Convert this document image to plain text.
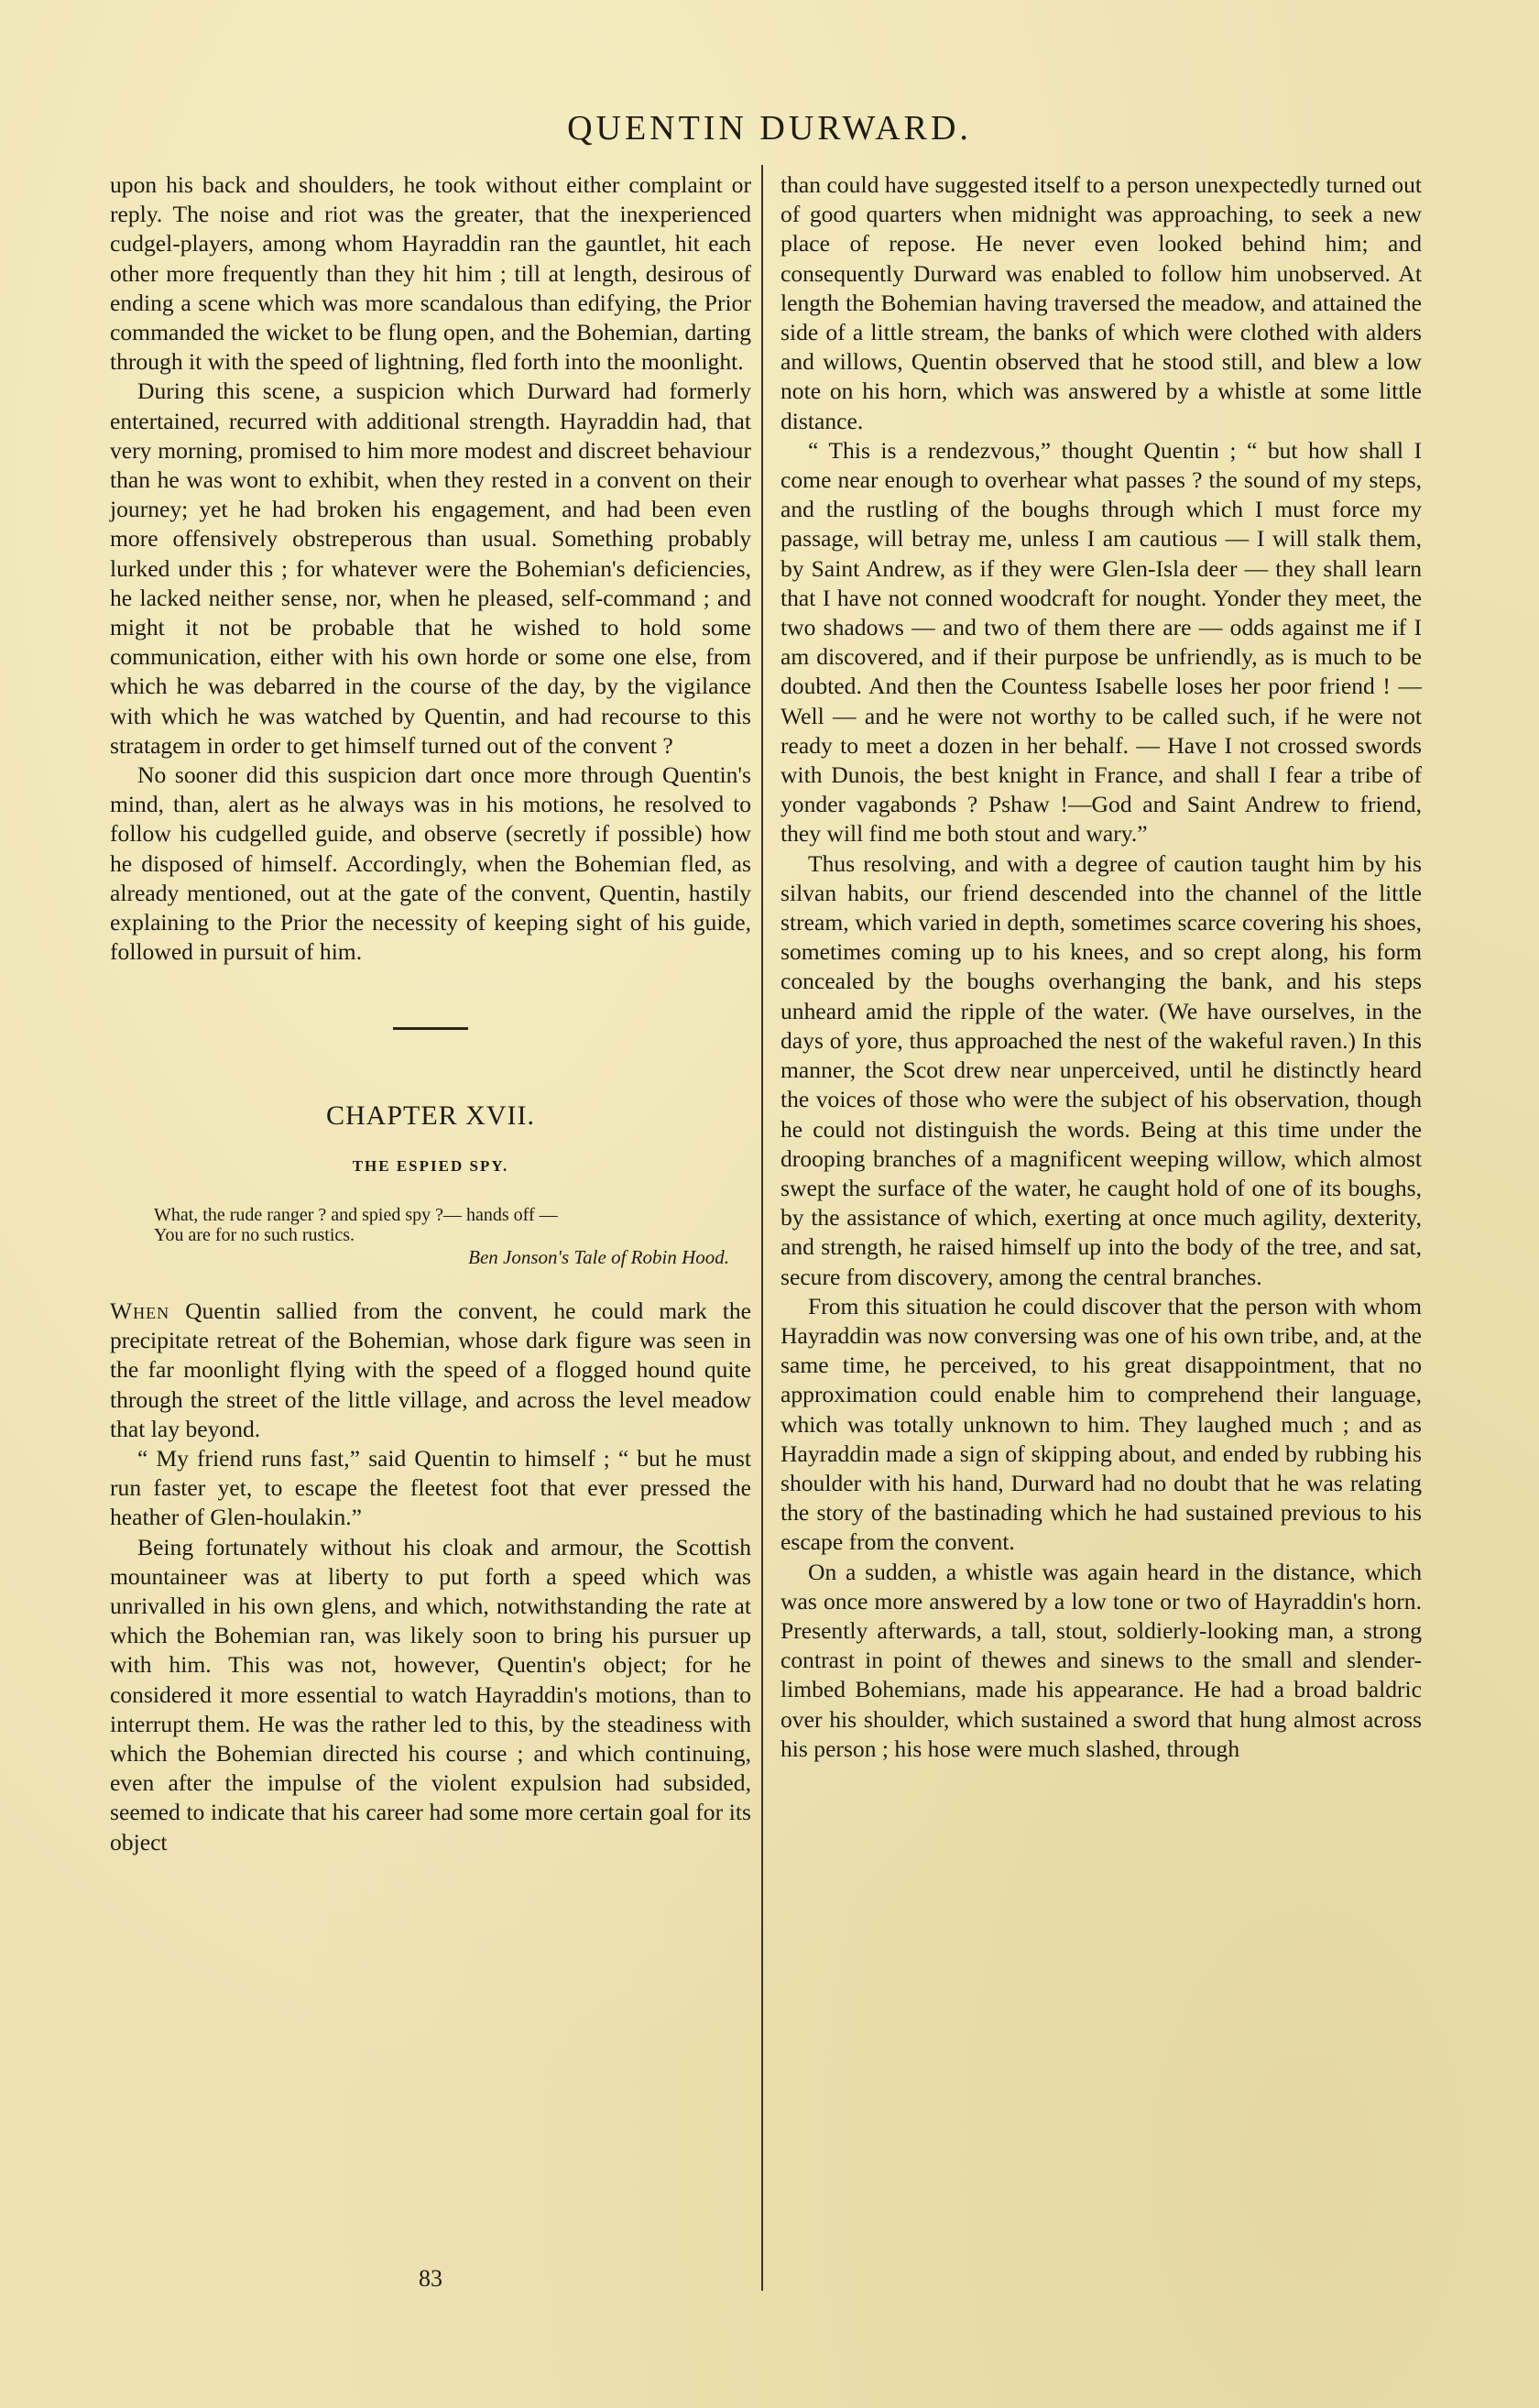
QUENTIN DURWARD.

upon his back and shoulders, he took without either complaint or reply. The noise and riot was the greater, that the inexperienced cudgel-players, among whom Hayraddin ran the gauntlet, hit each other more frequently than they hit him ; till at length, desirous of ending a scene which was more scandalous than edifying, the Prior commanded the wicket to be flung open, and the Bohemian, darting through it with the speed of lightning, fled forth into the moonlight.

During this scene, a suspicion which Durward had formerly entertained, recurred with additional strength. Hayraddin had, that very morning, promised to him more modest and discreet behaviour than he was wont to exhibit, when they rested in a convent on their journey; yet he had broken his engagement, and had been even more offensively obstreperous than usual. Something probably lurked under this ; for whatever were the Bohemian's deficiencies, he lacked neither sense, nor, when he pleased, self-command ; and might it not be probable that he wished to hold some communication, either with his own horde or some one else, from which he was debarred in the course of the day, by the vigilance with which he was watched by Quentin, and had recourse to this stratagem in order to get himself turned out of the convent ?

No sooner did this suspicion dart once more through Quentin's mind, than, alert as he always was in his motions, he resolved to follow his cudgelled guide, and observe (secretly if possible) how he disposed of himself. Accordingly, when the Bohemian fled, as already mentioned, out at the gate of the convent, Quentin, hastily explaining to the Prior the necessity of keeping sight of his guide, followed in pursuit of him.

CHAPTER XVII.
THE ESPIED SPY.
What, the rude ranger ? and spied spy ?— hands off —
You are for no such rustics.
Ben Jonson's Tale of Robin Hood.

When Quentin sallied from the convent, he could mark the precipitate retreat of the Bohemian, whose dark figure was seen in the far moonlight flying with the speed of a flogged hound quite through the street of the little village, and across the level meadow that lay beyond.

“ My friend runs fast,” said Quentin to himself ; “ but he must run faster yet, to escape the fleetest foot that ever pressed the heather of Glen-houlakin.”

Being fortunately without his cloak and armour, the Scottish mountaineer was at liberty to put forth a speed which was unrivalled in his own glens, and which, notwithstanding the rate at which the Bohemian ran, was likely soon to bring his pursuer up with him. This was not, however, Quentin's object; for he considered it more essential to watch Hayraddin's motions, than to interrupt them. He was the rather led to this, by the steadiness with which the Bohemian directed his course ; and which continuing, even after the impulse of the violent expulsion had subsided, seemed to indicate that his career had some more certain goal for its object

than could have suggested itself to a person unexpectedly turned out of good quarters when midnight was approaching, to seek a new place of repose. He never even looked behind him; and consequently Durward was enabled to follow him unobserved. At length the Bohemian having traversed the meadow, and attained the side of a little stream, the banks of which were clothed with alders and willows, Quentin observed that he stood still, and blew a low note on his horn, which was answered by a whistle at some little distance.

“ This is a rendezvous,” thought Quentin ; “ but how shall I come near enough to overhear what passes ? the sound of my steps, and the rustling of the boughs through which I must force my passage, will betray me, unless I am cautious — I will stalk them, by Saint Andrew, as if they were Glen-Isla deer — they shall learn that I have not conned woodcraft for nought. Yonder they meet, the two shadows — and two of them there are — odds against me if I am discovered, and if their purpose be unfriendly, as is much to be doubted. And then the Countess Isabelle loses her poor friend ! — Well — and he were not worthy to be called such, if he were not ready to meet a dozen in her behalf. — Have I not crossed swords with Dunois, the best knight in France, and shall I fear a tribe of yonder vagabonds ? Pshaw !—God and Saint Andrew to friend, they will find me both stout and wary.”

Thus resolving, and with a degree of caution taught him by his silvan habits, our friend descended into the channel of the little stream, which varied in depth, sometimes scarce covering his shoes, sometimes coming up to his knees, and so crept along, his form concealed by the boughs overhanging the bank, and his steps unheard amid the ripple of the water. (We have ourselves, in the days of yore, thus approached the nest of the wakeful raven.) In this manner, the Scot drew near unperceived, until he distinctly heard the voices of those who were the subject of his observation, though he could not distinguish the words. Being at this time under the drooping branches of a magnificent weeping willow, which almost swept the surface of the water, he caught hold of one of its boughs, by the assistance of which, exerting at once much agility, dexterity, and strength, he raised himself up into the body of the tree, and sat, secure from discovery, among the central branches.

From this situation he could discover that the person with whom Hayraddin was now conversing was one of his own tribe, and, at the same time, he perceived, to his great disappointment, that no approximation could enable him to comprehend their language, which was totally unknown to him. They laughed much ; and as Hayraddin made a sign of skipping about, and ended by rubbing his shoulder with his hand, Durward had no doubt that he was relating the story of the bastinading which he had sustained previous to his escape from the convent.

On a sudden, a whistle was again heard in the distance, which was once more answered by a low tone or two of Hayraddin's horn. Presently afterwards, a tall, stout, soldierly-looking man, a strong contrast in point of thewes and sinews to the small and slender-limbed Bohemians, made his appearance. He had a broad baldric over his shoulder, which sustained a sword that hung almost across his person ; his hose were much slashed, through

83
